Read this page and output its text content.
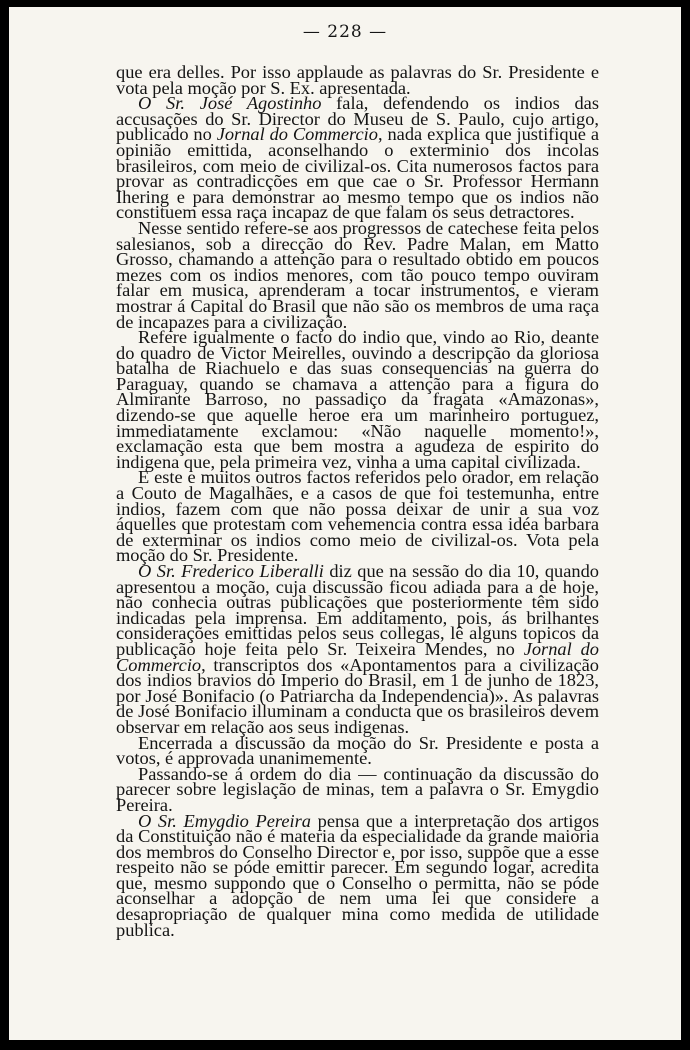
— 228 —

que era delles. Por isso applaude as palavras do Sr. Presidente e vota pela moção por S. Ex. apresentada.

O Sr. José Agostinho fala, defendendo os indios das accusações do Sr. Director do Museu de S. Paulo, cujo artigo, publicado no Jornal do Commercio, nada explica que justifique a opinião emittida, aconselhando o exterminio dos incolas brasileiros, com meio de civilizal-os. Cita numerosos factos para provar as contradicções em que cae o Sr. Professor Hermann Ihering e para demonstrar ao mesmo tempo que os indios não constituem essa raça incapaz de que falam os seus detractores.

Nesse sentido refere-se aos progressos de catechese feita pelos salesianos, sob a direcção do Rev. Padre Malan, em Matto Grosso, chamando a attenção para o resultado obtido em poucos mezes com os indios menores, com tão pouco tempo ouviram falar em musica, aprenderam a tocar instrumentos, e vieram mostrar á Capital do Brasil que não são os membros de uma raça de incapazes para a civilização.

Refere igualmente o facto do indio que, vindo ao Rio, deante do quadro de Victor Meirelles, ouvindo a descripção da gloriosa batalha de Riachuelo e das suas consequencias na guerra do Paraguay, quando se chamava a attenção para a figura do Almirante Barroso, no passadiço da fragata «Amazonas», dizendo-se que aquelle heroe era um marinheiro portuguez, immediatamente exclamou: «Não naquelle momento!», exclamação esta que bem mostra a agudeza de espirito do indigena que, pela primeira vez, vinha a uma capital civilizada.

E este e muitos outros factos referidos pelo orador, em relação a Couto de Magalhães, e a casos de que foi testemunha, entre indios, fazem com que não possa deixar de unir a sua voz áquelles que protestam com vehemencia contra essa idéa barbara de exterminar os indios como meio de civilizal-os. Vota pela moção do Sr. Presidente.

O Sr. Frederico Liberalli diz que na sessão do dia 10, quando apresentou a moção, cuja discussão ficou adiada para a de hoje, não conhecia outras publicações que posteriormente têm sido indicadas pela imprensa. Em additamento, pois, ás brilhantes considerações emittidas pelos seus collegas, lê alguns topicos da publicação hoje feita pelo Sr. Teixeira Mendes, no Jornal do Commercio, transcriptos dos «Apontamentos para a civilização dos indios bravios do Imperio do Brasil, em 1 de junho de 1823, por José Bonifacio (o Patriarcha da Independencia)». As palavras de José Bonifacio illuminam a conducta que os brasileiros devem observar em relação aos seus indigenas.

Encerrada a discussão da moção do Sr. Presidente e posta a votos, é approvada unanimemente.

Passando-se á ordem do dia — continuação da discussão do parecer sobre legislação de minas, tem a palavra o Sr. Emygdio Pereira.

O Sr. Emygdio Pereira pensa que a interpretação dos artigos da Constituição não é materia da especialidade da grande maioria dos membros do Conselho Director e, por isso, suppõe que a esse respeito não se póde emittir parecer. Em segundo logar, acredita que, mesmo suppondo que o Conselho o permitta, não se póde aconselhar a adopção de nem uma lei que considere a desapropriação de qualquer mina como medida de utilidade publica.
